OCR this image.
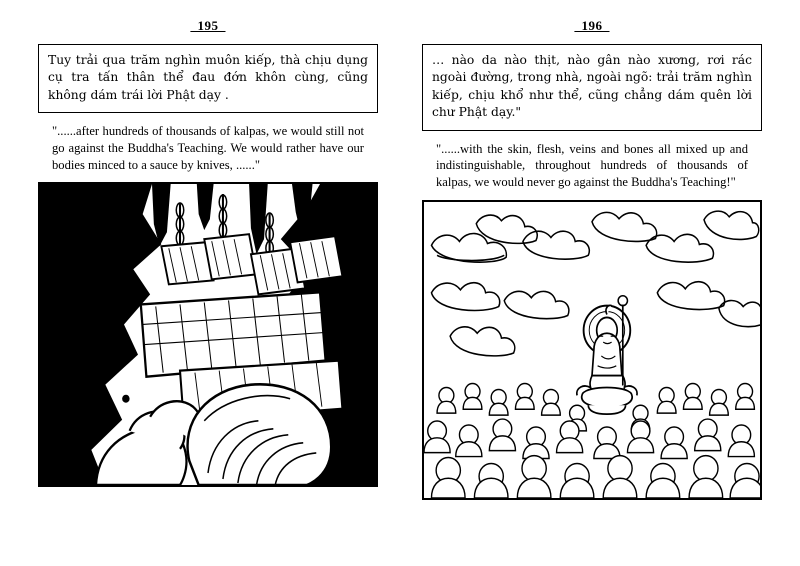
_195_
Tuy trải qua trăm nghìn muôn kiếp, thà chịu dụng cụ tra tấn thân thể đau đớn khôn cùng, cũng không dám trái lời Phật dạy .
"......after hundreds of thousands of kalpas, we would still not go against the Buddha's Teaching. We would rather have our bodies minced to a sauce by knives, ......"
_196_
… nào da nào thịt, nào gân nào xương, rơi rác ngoài đường, trong nhà, ngoài ngõ: trải trăm nghìn kiếp, chịu khổ như thể, cũng chẳng dám quên lời chư Phật dạy."
"......with the skin, flesh, veins and bones all mixed up and indistinguishable, throughout hundreds of thousands of kalpas, we would never go against the Buddha's Teaching!"
